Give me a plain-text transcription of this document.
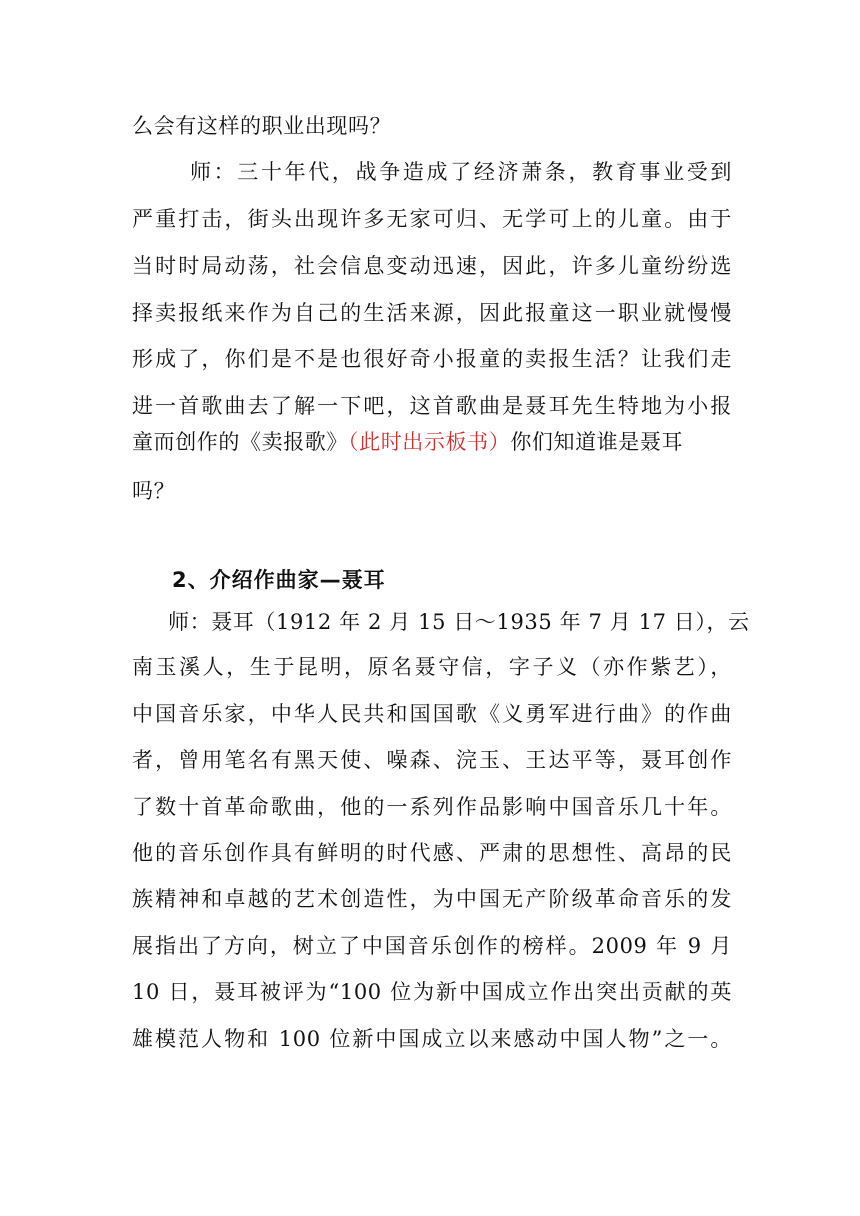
么会有这样的职业出现吗？
师：三十年代，战争造成了经济萧条，教育事业受到
严重打击，街头出现许多无家可归、无学可上的儿童。由于
当时时局动荡，社会信息变动迅速，因此，许多儿童纷纷选
择卖报纸来作为自己的生活来源，因此报童这一职业就慢慢
形成了，你们是不是也很好奇小报童的卖报生活？让我们走
进一首歌曲去了解一下吧，这首歌曲是聂耳先生特地为小报
童而创作的《卖报歌》（此时出示板书）你们知道谁是聂耳
吗？
2、介绍作曲家—聂耳
师：聂耳（1912 年 2 月 15 日～1935 年 7 月 17 日），云
南玉溪人，生于昆明，原名聂守信，字子义（亦作紫艺），
中国音乐家，中华人民共和国国歌《义勇军进行曲》的作曲
者，曾用笔名有黑天使、噪森、浣玉、王达平等，聂耳创作
了数十首革命歌曲，他的一系列作品影响中国音乐几十年。
他的音乐创作具有鲜明的时代感、严肃的思想性、高昂的民
族精神和卓越的艺术创造性，为中国无产阶级革命音乐的发
展指出了方向，树立了中国音乐创作的榜样。2009 年 9 月
10 日，聂耳被评为“100 位为新中国成立作出突出贡献的英
雄模范人物和 100 位新中国成立以来感动中国人物”之一。
